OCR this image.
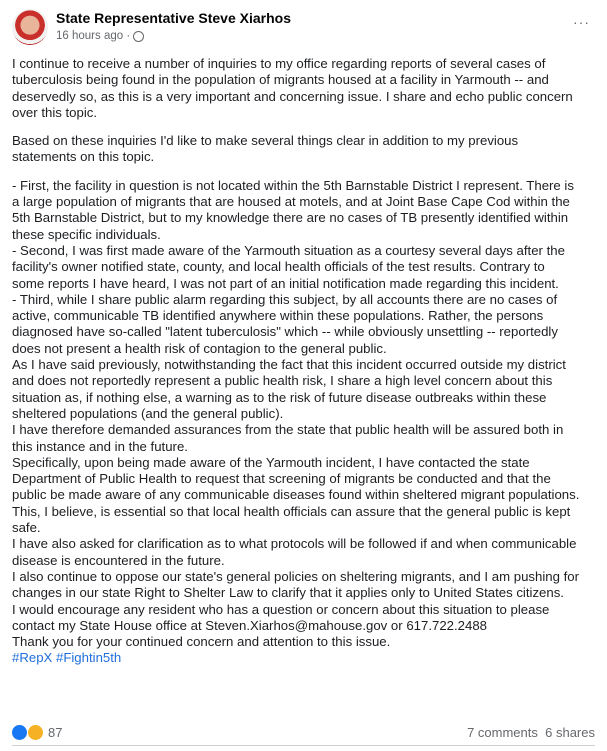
State Representative Steve Xiarhos
16 hours ago ·
···
I continue to receive a number of inquiries to my office regarding reports of several cases of
tuberculosis being found in the population of migrants housed at a facility in Yarmouth -- and
deservedly so, as this is a very important and concerning issue. I share and echo public concern
over this topic.
Based on these inquiries I'd like to make several things clear in addition to my previous
statements on this topic.
- First, the facility in question is not located within the 5th Barnstable District I represent. There is
a large population of migrants that are housed at motels, and at Joint Base Cape Cod within the
5th Barnstable District, but to my knowledge there are no cases of TB presently identified within
these specific individuals.
- Second, I was first made aware of the Yarmouth situation as a courtesy several days after the
facility's owner notified state, county, and local health officials of the test results. Contrary to
some reports I have heard, I was not part of an initial notification made regarding this incident.
- Third, while I share public alarm regarding this subject, by all accounts there are no cases of
active, communicable TB identified anywhere within these populations. Rather, the persons
diagnosed have so-called "latent tuberculosis" which -- while obviously unsettling -- reportedly
does not present a health risk of contagion to the general public.
As I have said previously, notwithstanding the fact that this incident occurred outside my district
and does not reportedly represent a public health risk, I share a high level concern about this
situation as, if nothing else, a warning as to the risk of future disease outbreaks within these
sheltered populations (and the general public).
I have therefore demanded assurances from the state that public health will be assured both in
this instance and in the future.
Specifically, upon being made aware of the Yarmouth incident, I have contacted the state
Department of Public Health to request that screening of migrants be conducted and that the
public be made aware of any communicable diseases found within sheltered migrant populations.
This, I believe, is essential so that local health officials can assure that the general public is kept
safe.
I have also asked for clarification as to what protocols will be followed if and when communicable
disease is encountered in the future.
I also continue to oppose our state's general policies on sheltering migrants, and I am pushing for
changes in our state Right to Shelter Law to clarify that it applies only to United States citizens.
I would encourage any resident who has a question or concern about this situation to please
contact my State House office at Steven.Xiarhos@mahouse.gov or 617.722.2488
Thank you for your continued concern and attention to this issue.
#RepX #Fightin5th
87	7 comments 6 shares
